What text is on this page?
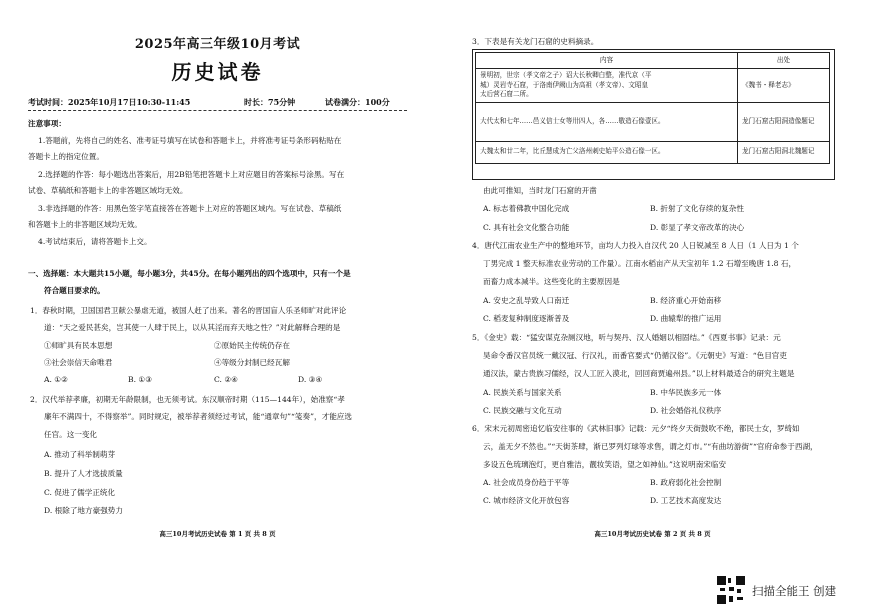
2025年高三年级10月考试
历史试卷
考试时间：2025年10月17日10:30-11:45	时长：75分钟	试卷满分：100分
注意事项：
1.答题前，先将自己的姓名、准考证号填写在试卷和答题卡上，并将准考证号条形码粘贴在
答题卡上的指定位置。
2.选择题的作答：每小题选出答案后，用2B铅笔把答题卡上对应题目的答案标号涂黑。写在
试卷、草稿纸和答题卡上的非答题区域均无效。
3.非选择题的作答：用黑色签字笔直接答在答题卡上对应的答题区域内。写在试卷、草稿纸
和答题卡上的非答题区域均无效。
4.考试结束后，请将答题卡上交。
一、选择题：本大题共15小题，每小题3分，共45分。在每小题列出的四个选项中，只有一个是
符合题目要求的。
1．春秋时期，卫国国君卫献公暴虐无道，被国人赶了出来。著名的晋国盲人乐圣师旷对此评论
道：“天之爱民甚矣，岂其使一人肆于民上，以从其淫而弃天地之性？”对此解释合理的是
①师旷具有民本思想	②原始民主传统仍存在
③社会崇信天命唯君	④等级分封制已经瓦解
A. ①②	B. ①③	C. ②④	D. ③④
2．汉代举荐孝廉，初期无年龄限制，也无须考试。东汉顺帝时期（115—144年），始准察“孝
廉年不满四十，不得察举”。同时规定，被举荐者须经过考试，能“通章句”“笺奏”，才能应选
任官。这一变化
A. 推动了科举制萌芽
B. 提升了人才选拔质量
C. 促进了儒学正统化
D. 根除了地方豪强势力
高三10月考试历史试卷 第 1 页 共 8 页
3．下表是有关龙门石窟的史料摘录。
内容	出处

景明初，世宗（孝文帝之子）诏大长秋卿白整，准代京（平
城）灵岩寺石窟，于洛南伊阙山为高祖（孝文帝）、文昭皇
太后营石窟二所。	《魏书・释老志》

大代太和七年……邑义信士女等卅四人，各……敬造石像壹区。	龙门石窟古阳洞造像题记

大魏太和廿二年，比丘慧成为亡父洛州刺史始平公造石像一区。	龙门石窟古阳洞北魏题记
由此可推知，当时龙门石窟的开凿
A. 标志着佛教中国化完成	B. 折射了文化存续的复杂性
C. 具有社会文化整合功能	D. 彰显了孝文帝改革的决心
4．唐代江南农业生产中的整地环节，亩均人力投入自汉代 20 人日锐减至 8 人日（1 人日为 1 个
丁男完成 1 整天标准农业劳动的工作量）。江南水稻亩产从天宝初年 1.2 石增至晚唐 1.8 石，
而畜力成本减半。这些变化的主要原因是
A. 安史之乱导致人口南迁	B. 经济重心开始南移
C. 稻麦复种制度逐渐普及	D. 曲辕犁的推广运用
5．《金史》载：“猛安谋克杂厕汉地，听与契丹、汉人婚姻以相固结。”《西夏书事》记录：元
昊命令番汉官员统一戴汉冠、行汉礼，而番官要式“仍循汉俗”。《元朝史》写道：“色目官吏
通汉法，蒙古贵族习儒经，汉人工匠入漠北，回回商贾遍州县。”以上材料最适合的研究主题是
A. 民族关系与国家关系	B. 中华民族多元一体
C. 民族交融与文化互动	D. 社会婚俗礼仪秩序
6．宋末元初周密追忆临安往事的《武林旧事》记载：元夕“终夕天街鼓吹不绝，都民士女，罗绮如
云，盖无夕不然也。”“天街茶肆，渐已罗列灯球等求售，谓之灯市。”“有曲坊游街”“官府命参于西湖，
多设五色琉璃泡灯，更自雅洁，靓妆笑语，望之如神仙。”这说明南宋临安
A. 社会成员身份趋于平等	B. 政府弱化社会控制
C. 城市经济文化开放包容	D. 工艺技术高度发达
高三10月考试历史试卷 第 2 页 共 8 页
扫描全能王 创建
